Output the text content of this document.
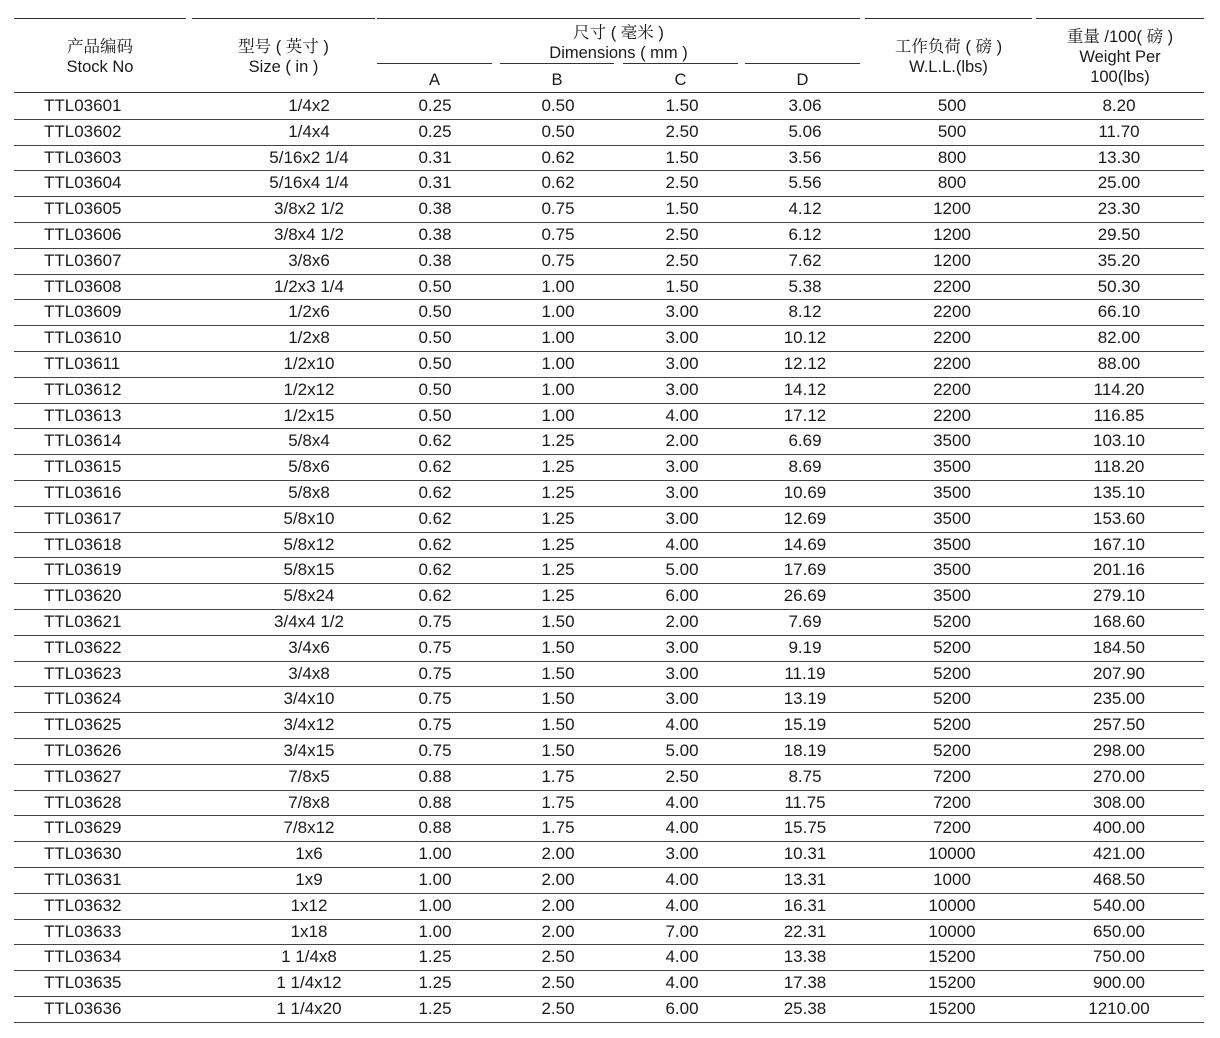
产品编码
Stock No
型号 ( 英寸 )
Size ( in )
尺寸 ( 毫米 )
Dimensions ( mm )
A	B	C	D
工作负荷 ( 磅 )
W.L.L.(lbs)
重量 /100( 磅 )
Weight Per
100(lbs)
TTL03601	1/4x2	0.25	0.50	1.50	3.06	500	8.20
TTL03602	1/4x4	0.25	0.50	2.50	5.06	500	11.70
TTL03603	5/16x2 1/4	0.31	0.62	1.50	3.56	800	13.30
TTL03604	5/16x4 1/4	0.31	0.62	2.50	5.56	800	25.00
TTL03605	3/8x2 1/2	0.38	0.75	1.50	4.12	1200	23.30
TTL03606	3/8x4 1/2	0.38	0.75	2.50	6.12	1200	29.50
TTL03607	3/8x6	0.38	0.75	2.50	7.62	1200	35.20
TTL03608	1/2x3 1/4	0.50	1.00	1.50	5.38	2200	50.30
TTL03609	1/2x6	0.50	1.00	3.00	8.12	2200	66.10
TTL03610	1/2x8	0.50	1.00	3.00	10.12	2200	82.00
TTL03611	1/2x10	0.50	1.00	3.00	12.12	2200	88.00
TTL03612	1/2x12	0.50	1.00	3.00	14.12	2200	114.20
TTL03613	1/2x15	0.50	1.00	4.00	17.12	2200	116.85
TTL03614	5/8x4	0.62	1.25	2.00	6.69	3500	103.10
TTL03615	5/8x6	0.62	1.25	3.00	8.69	3500	118.20
TTL03616	5/8x8	0.62	1.25	3.00	10.69	3500	135.10
TTL03617	5/8x10	0.62	1.25	3.00	12.69	3500	153.60
TTL03618	5/8x12	0.62	1.25	4.00	14.69	3500	167.10
TTL03619	5/8x15	0.62	1.25	5.00	17.69	3500	201.16
TTL03620	5/8x24	0.62	1.25	6.00	26.69	3500	279.10
TTL03621	3/4x4 1/2	0.75	1.50	2.00	7.69	5200	168.60
TTL03622	3/4x6	0.75	1.50	3.00	9.19	5200	184.50
TTL03623	3/4x8	0.75	1.50	3.00	11.19	5200	207.90
TTL03624	3/4x10	0.75	1.50	3.00	13.19	5200	235.00
TTL03625	3/4x12	0.75	1.50	4.00	15.19	5200	257.50
TTL03626	3/4x15	0.75	1.50	5.00	18.19	5200	298.00
TTL03627	7/8x5	0.88	1.75	2.50	8.75	7200	270.00
TTL03628	7/8x8	0.88	1.75	4.00	11.75	7200	308.00
TTL03629	7/8x12	0.88	1.75	4.00	15.75	7200	400.00
TTL03630	1x6	1.00	2.00	3.00	10.31	10000	421.00
TTL03631	1x9	1.00	2.00	4.00	13.31	1000	468.50
TTL03632	1x12	1.00	2.00	4.00	16.31	10000	540.00
TTL03633	1x18	1.00	2.00	7.00	22.31	10000	650.00
TTL03634	1 1/4x8	1.25	2.50	4.00	13.38	15200	750.00
TTL03635	1 1/4x12	1.25	2.50	4.00	17.38	15200	900.00
TTL03636	1 1/4x20	1.25	2.50	6.00	25.38	15200	1210.00
